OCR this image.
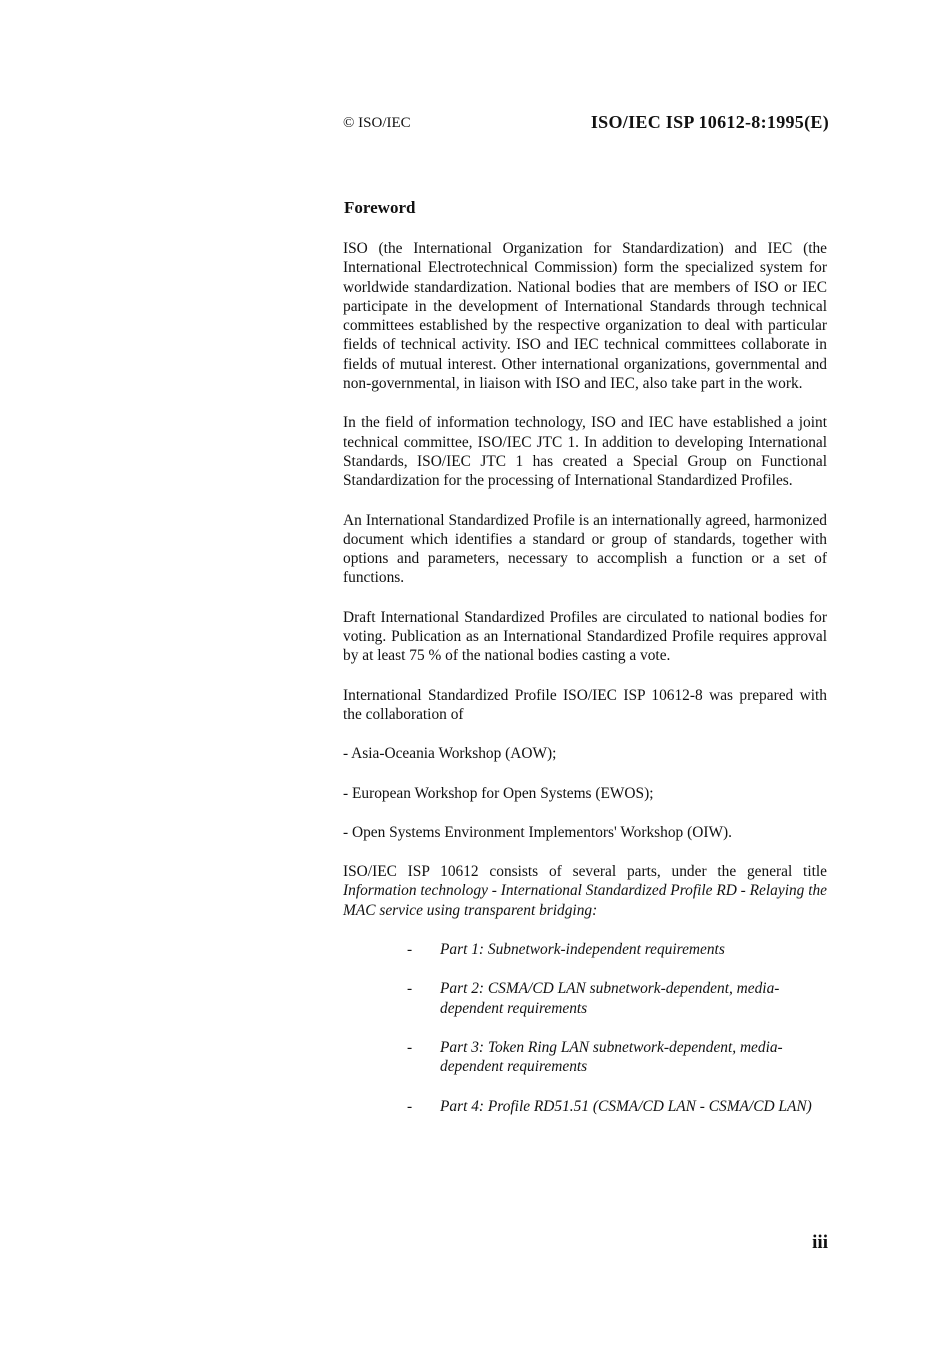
© ISO/IEC	ISO/IEC ISP 10612-8:1995(E)
Foreword

ISO (the International Organization for Standardization) and IEC (the International Electrotechnical Commission) form the specialized system for worldwide standardization. National bodies that are members of ISO or IEC participate in the development of International Standards through technical committees established by the respective organization to deal with particular fields of technical activity. ISO and IEC technical committees collaborate in fields of mutual interest. Other international organizations, governmental and non-governmental, in liaison with ISO and IEC, also take part in the work.

In the field of information technology, ISO and IEC have established a joint technical committee, ISO/IEC JTC 1. In addition to developing International Standards, ISO/IEC JTC 1 has created a Special Group on Functional Standardization for the processing of International Standardized Profiles.

An International Standardized Profile is an internationally agreed, harmonized document which identifies a standard or group of standards, together with options and parameters, necessary to accomplish a function or a set of functions.

Draft International Standardized Profiles are circulated to national bodies for voting. Publication as an International Standardized Profile requires approval by at least 75 % of the national bodies casting a vote.

International Standardized Profile ISO/IEC ISP 10612-8 was prepared with the collaboration of

- Asia-Oceania Workshop (AOW);
- European Workshop for Open Systems (EWOS);
- Open Systems Environment Implementors' Workshop (OIW).

ISO/IEC ISP 10612 consists of several parts, under the general title Information technology - International Standardized Profile RD - Relaying the MAC service using transparent bridging:

- Part 1: Subnetwork-independent requirements
- Part 2: CSMA/CD LAN subnetwork-dependent, media-dependent requirements
- Part 3: Token Ring LAN subnetwork-dependent, media-dependent requirements
- Part 4: Profile RD51.51 (CSMA/CD LAN - CSMA/CD LAN)
iii
